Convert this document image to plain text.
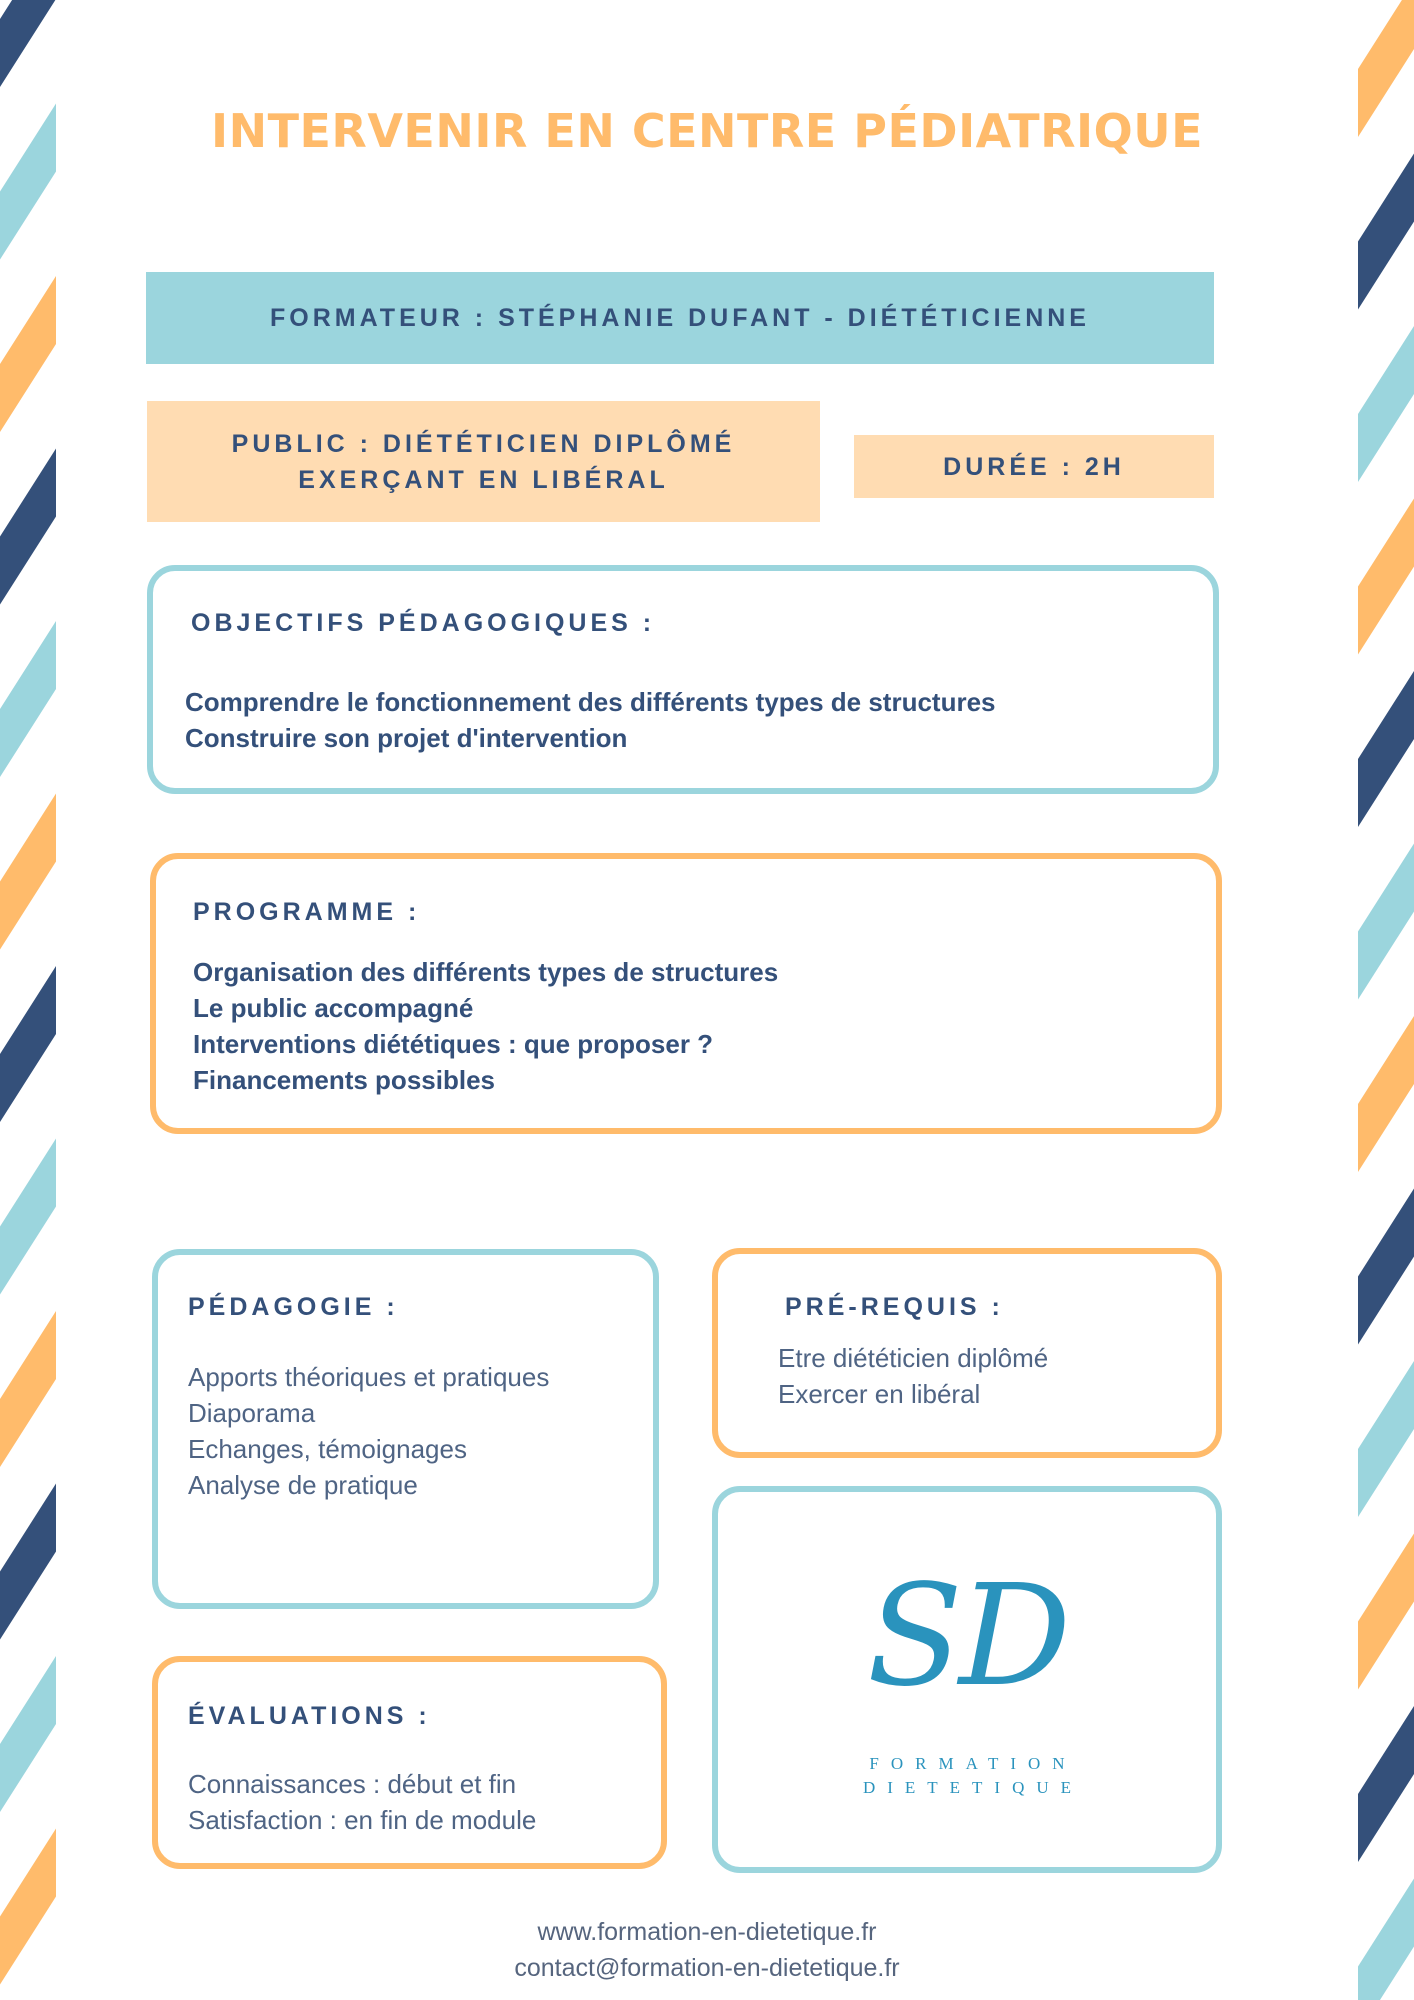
INTERVENIR EN CENTRE PÉDIATRIQUE
FORMATEUR : STÉPHANIE DUFANT - DIÉTÉTICIENNE
PUBLIC : DIÉTÉTICIEN DIPLÔMÉ
EXERÇANT EN LIBÉRAL	DURÉE : 2H
OBJECTIFS PÉDAGOGIQUES :
Comprendre le fonctionnement des différents types de structures
Construire son projet d'intervention
PROGRAMME :
Organisation des différents types de structures
Le public accompagné
Interventions diététiques : que proposer ?
Financements possibles
PÉDAGOGIE :
Apports théoriques et pratiques
Diaporama
Echanges, témoignages
Analyse de pratique
PRÉ-REQUIS :
Etre diététicien diplômé
Exercer en libéral
SD
FORMATION
DIETETIQUE
ÉVALUATIONS :
Connaissances : début et fin
Satisfaction : en fin de module
www.formation-en-dietetique.fr
contact@formation-en-dietetique.fr
